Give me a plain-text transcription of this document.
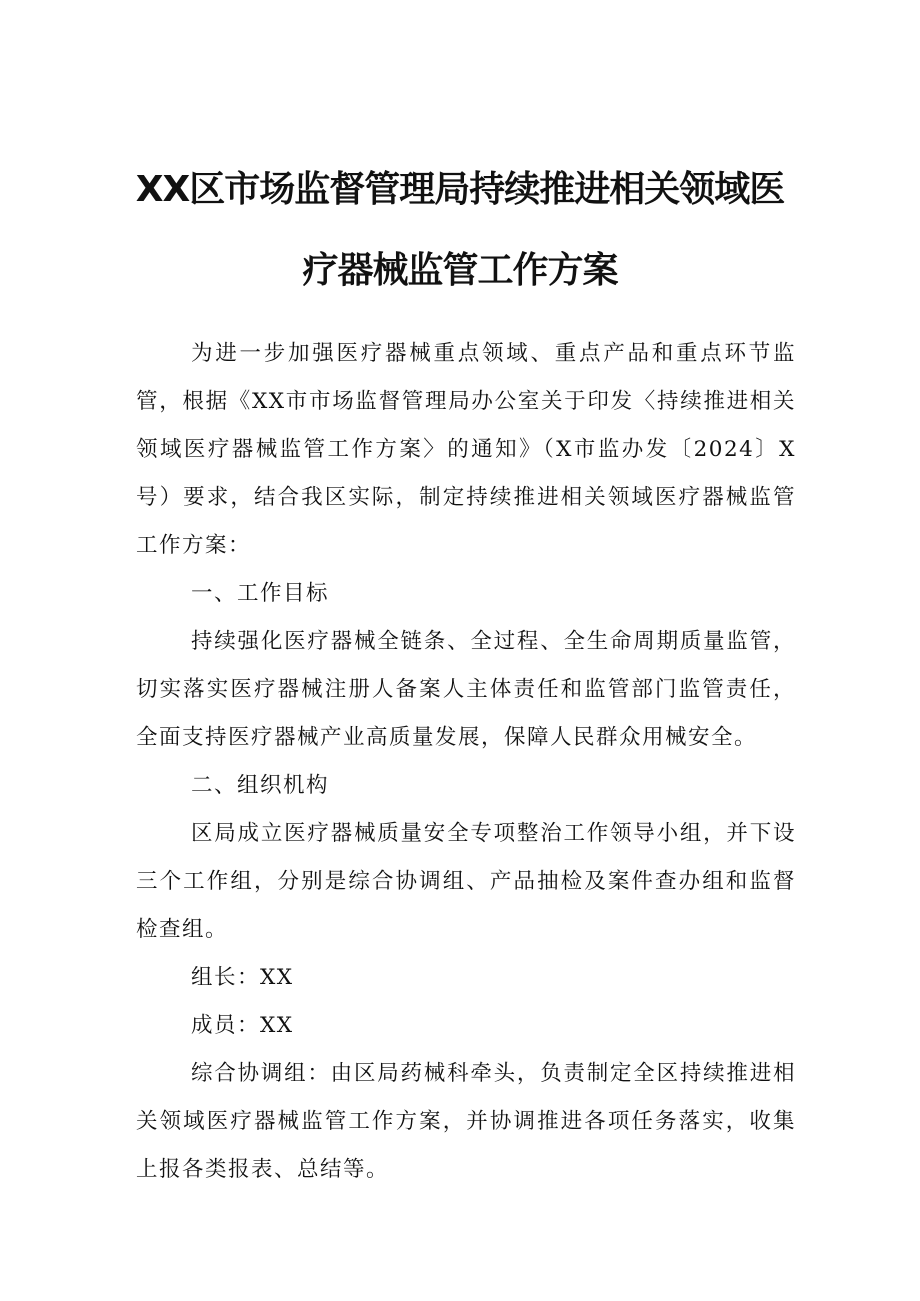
XX区市场监督管理局持续推进相关领域医
疗器械监管工作方案

为进一步加强医疗器械重点领域、重点产品和重点环节监管，根据《XX市市场监督管理局办公室关于印发〈持续推进相关领域医疗器械监管工作方案〉的通知》（X市监办发〔2024〕X号）要求，结合我区实际，制定持续推进相关领域医疗器械监管工作方案：

一、工作目标

持续强化医疗器械全链条、全过程、全生命周期质量监管，切实落实医疗器械注册人备案人主体责任和监管部门监管责任，全面支持医疗器械产业高质量发展，保障人民群众用械安全。

二、组织机构

区局成立医疗器械质量安全专项整治工作领导小组，并下设三个工作组，分别是综合协调组、产品抽检及案件查办组和监督检查组。

组长：XX

成员：XX

综合协调组：由区局药械科牵头，负责制定全区持续推进相关领域医疗器械监管工作方案，并协调推进各项任务落实，收集上报各类报表、总结等。
